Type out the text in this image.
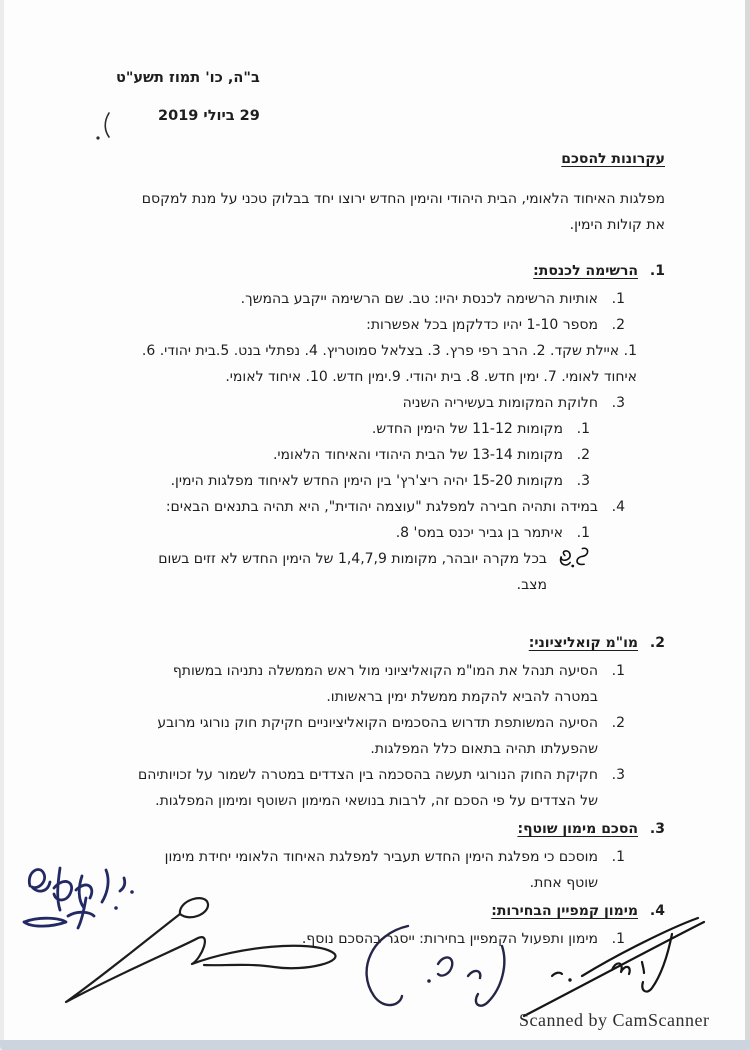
ב"ה, כו' תמוז תשע"ט
29 ביולי 2019
עקרונות להסכם
מפלגות האיחוד הלאומי, הבית היהודי והימין החדש ירוצו יחד בבלוק טכני על מנת למקסם את קולות הימין.
1.
הרשימה לכנסת:
1.
אותיות הרשימה לכנסת יהיו: טב. שם הרשימה ייקבע בהמשך.
2.
מספר 1-10 יהיו כדלקמן בכל אפשרות:
1. איילת שקד. 2. הרב רפי פרץ. 3. בצלאל סמוטריץ. 4. נפתלי בנט. 5.בית יהודי. 6. איחוד לאומי. 7. ימין חדש. 8. בית יהודי. 9.ימין חדש. 10. איחוד לאומי.
3.
חלוקת המקומות בעשיריה השניה
1.
מקומות 11-12 של הימין החדש.
2.
מקומות 13-14 של הבית היהודי והאיחוד הלאומי.
3.
מקומות 15-20 יהיה ריצ'רץ' בין הימין החדש לאיחוד מפלגות הימין.
4.
במידה ותהיה חבירה למפלגת "עוצמה יהודית", היא תהיה בתנאים הבאים:
1.
איתמר בן גביר יכנס במס' 8.
בכל מקרה יובהר, מקומות 1,4,7,9 של הימין החדש לא זזים בשום מצב.
2.
מו"מ קואליציוני:
1.
הסיעה תנהל את המו"מ הקואליציוני מול ראש הממשלה נתניהו במשותף במטרה להביא להקמת ממשלת ימין בראשותו.
2.
הסיעה המשותפת תדרוש בהסכמים הקואליציוניים חקיקת חוק נורוגי מרובע שהפעלתו תהיה בתאום כלל המפלגות.
3.
חקיקת החוק הנורוגי תעשה בהסכמה בין הצדדים במטרה לשמור על זכויותיהם של הצדדים על פי הסכם זה, לרבות בנושאי המימון השוטף ומימון המפלגות.
3.
הסכם מימון שוטף:
1.
מוסכם כי מפלגת הימין החדש תעביר למפלגת האיחוד הלאומי יחידת מימון שוטף אחת.
4.
מימון קמפיין הבחירות:
1.
מימון ותפעול הקמפיין בחירות: ייסגר בהסכם נוסף.
Scanned by CamScanner
